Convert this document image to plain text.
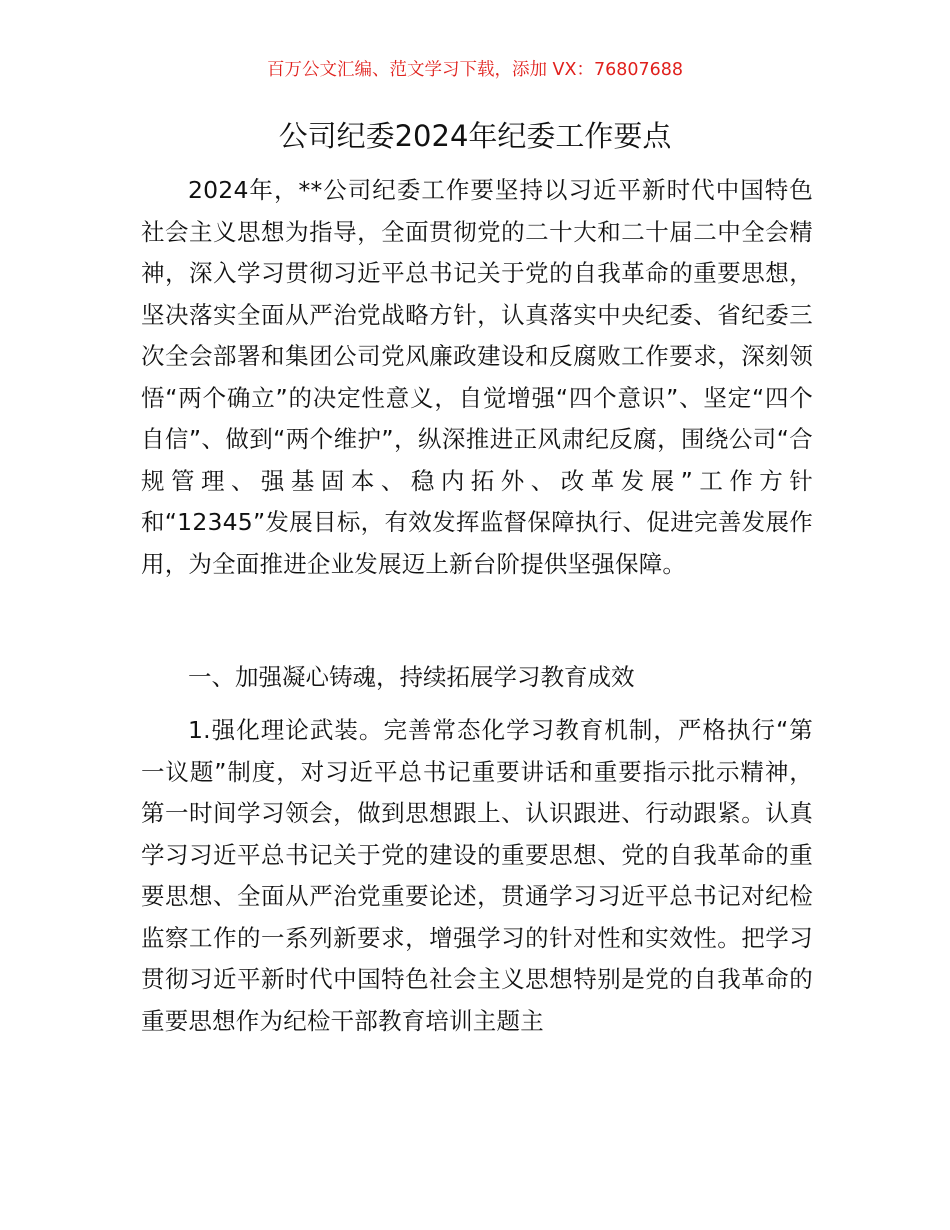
百万公文汇编、范文学习下载，添加 VX：76807688
公司纪委2024年纪委工作要点

2024年，**公司纪委工作要坚持以习近平新时代中国特色社会主义思想为指导，全面贯彻党的二十大和二十届二中全会精神，深入学习贯彻习近平总书记关于党的自我革命的重要思想，坚决落实全面从严治党战略方针，认真落实中央纪委、省纪委三次全会部署和集团公司党风廉政建设和反腐败工作要求，深刻领悟“两个确立”的决定性意义，自觉增强“四个意识”、坚定“四个自信”、做到“两个维护”，纵深推进正风肃纪反腐，围绕公司“合规管理、强基固本、稳内拓外、改革发展”工作方针和“12345”发展目标，有效发挥监督保障执行、促进完善发展作用，为全面推进企业发展迈上新台阶提供坚强保障。

一、加强凝心铸魂，持续拓展学习教育成效

1.强化理论武装。完善常态化学习教育机制，严格执行“第一议题”制度，对习近平总书记重要讲话和重要指示批示精神，第一时间学习领会，做到思想跟上、认识跟进、行动跟紧。认真学习习近平总书记关于党的建设的重要思想、党的自我革命的重要思想、全面从严治党重要论述，贯通学习习近平总书记对纪检监察工作的一系列新要求，增强学习的针对性和实效性。把学习贯彻习近平新时代中国特色社会主义思想特别是党的自我革命的重要思想作为纪检干部教育培训主题主
